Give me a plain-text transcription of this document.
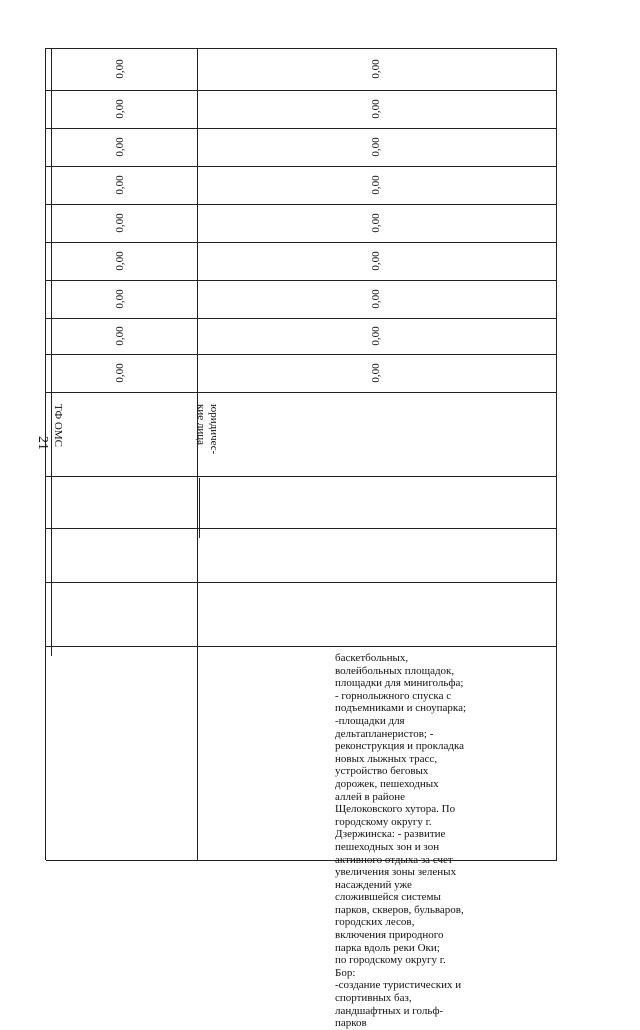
21 ТФ ОМС	юридичес-
кие лица
0,00
0,00
0,00
0,00
0,00
0,00
0,00
0,00
0,00
0,00
0,00
0,00
0,00
0,00
0,00
0,00
0,00
0,00
баскетбольных,
волейбольных площадок,
площадки для минигольфа;
- горнолыжного спуска с
подъемниками и сноупарка;
-площадки для
дельтапланеристов; -
реконструкция и прокладка
новых лыжных трасс,
устройство беговых
дорожек, пешеходных
аллей в районе
Щелоковского хутора. По
городскому округу г.
Дзержинска: - развитие
пешеходных зон и зон
активного отдыха за счет
увеличения зоны зеленых
насаждений уже
сложившейся системы
парков, скверов, бульваров,
городских лесов,
включения природного
парка вдоль реки Оки;
по городскому округу г.
Бор:
-создание туристических и
спортивных баз,
ландшафтных и гольф-
парков
